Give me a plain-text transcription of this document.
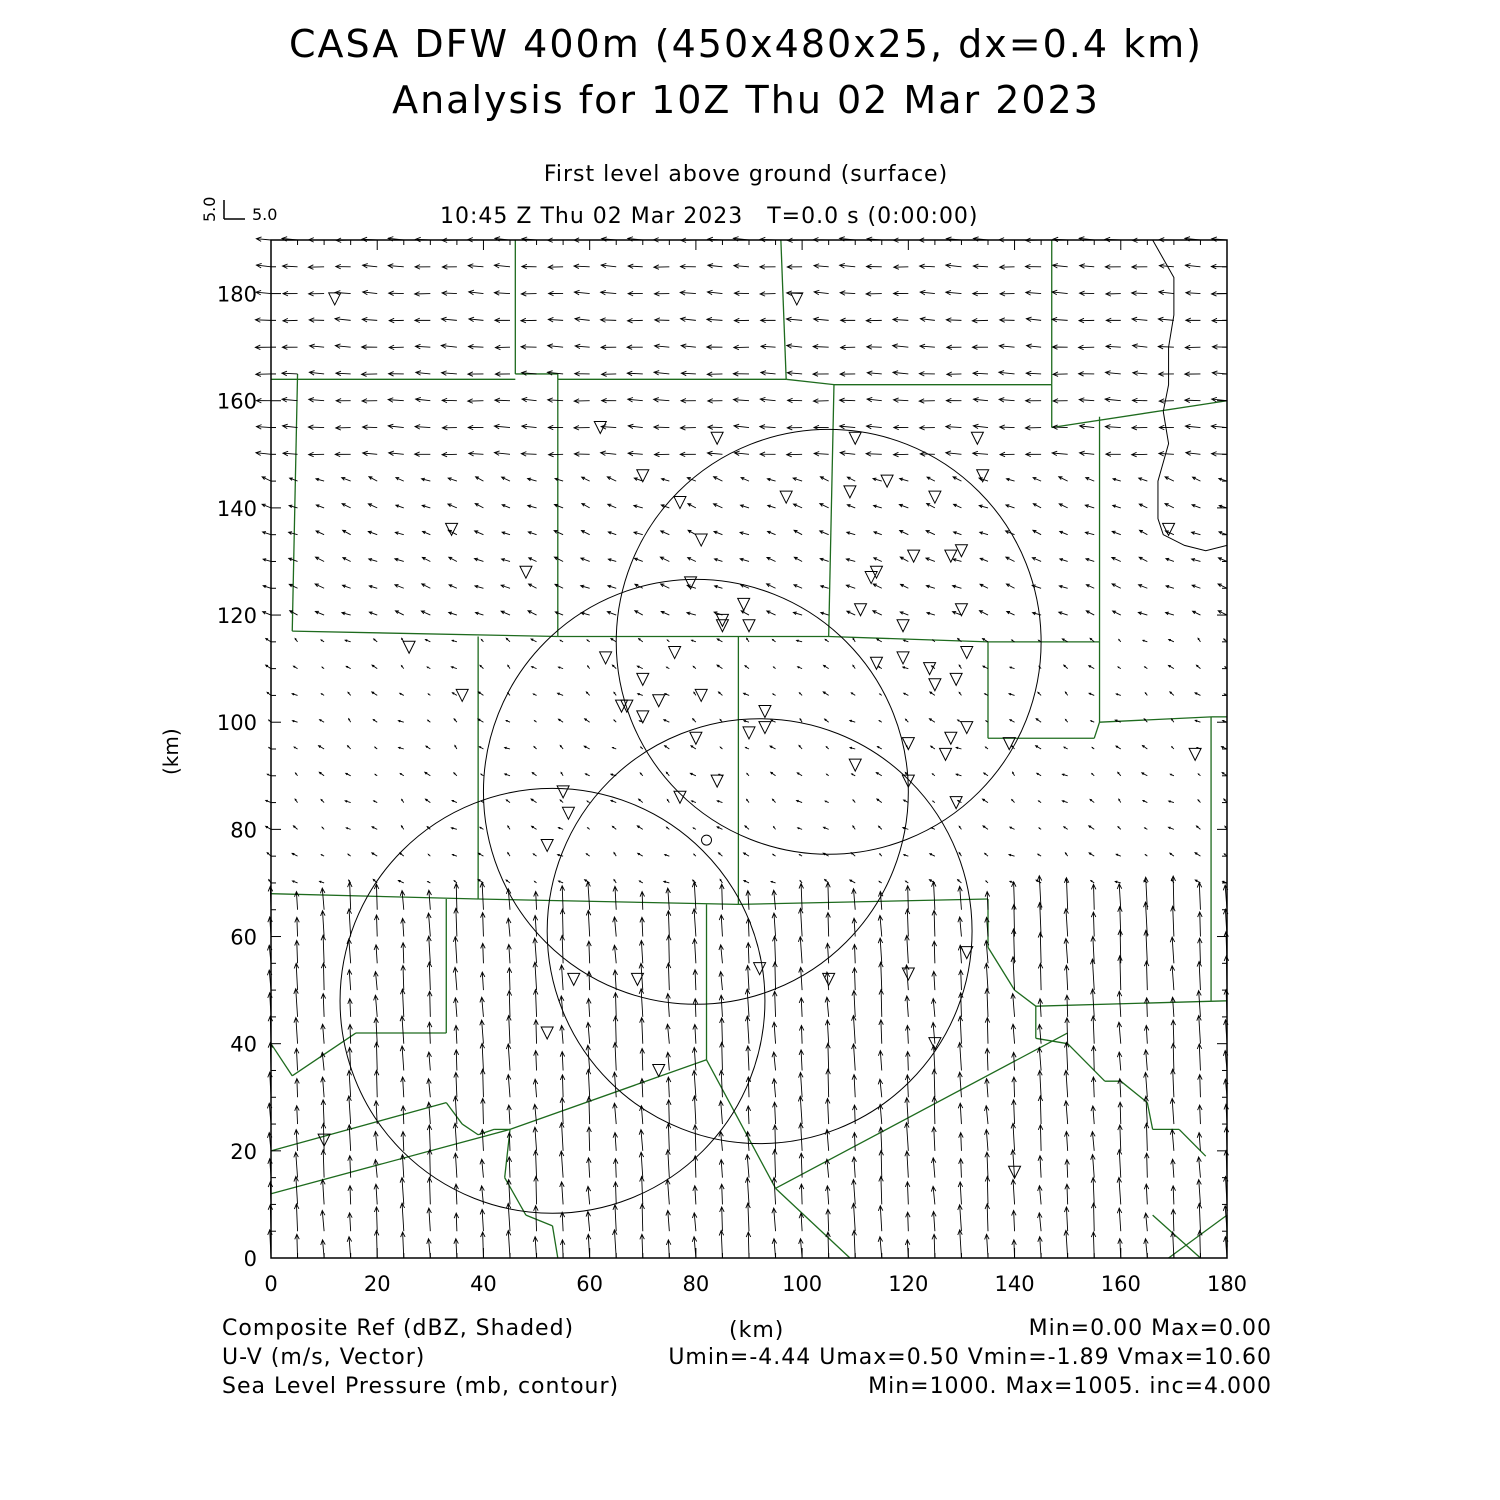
CASA DFW 400m (450x480x25, dx=0.4 km)
Analysis for 10Z Thu 02 Mar 2023
First level above ground (surface)
10:45 Z Thu 02 Mar 2023   T=0.0 s (0:00:00)
5.0
5.0
0	20	40	60	80	100	120	140	160	180
0
20
40
60
80
100
120
140
160
180
(km)
Composite Ref (dBZ, Shaded)	(km)	Min=0.00 Max=0.00
U-V (m/s, Vector)	Umin=-4.44 Umax=0.50 Vmin=-1.89 Vmax=10.60
Sea Level Pressure (mb, contour)	Min=1000. Max=1005. inc=4.000
